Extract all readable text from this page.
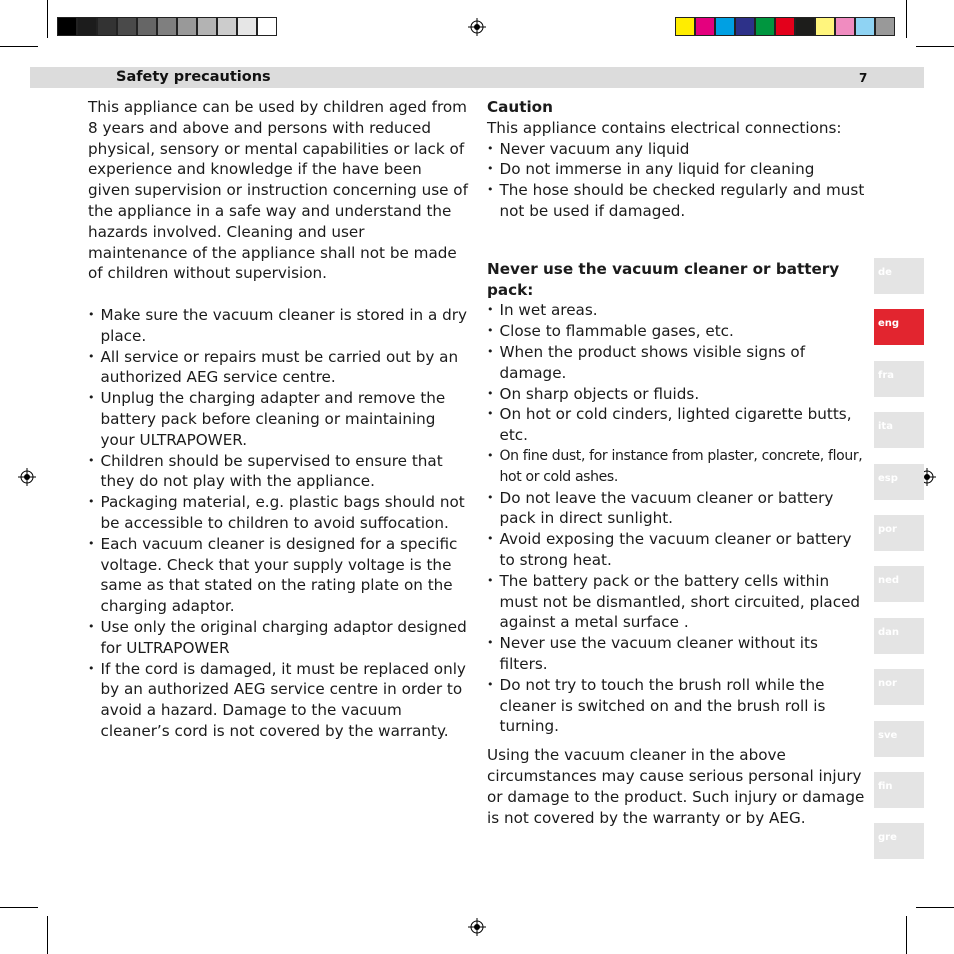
Safety precautions	7

This appliance can be used by children aged from 8 years and above and persons with reduced physical, sensory or mental capabilities or lack of experience and knowledge if the have been given supervision or instruction concerning use of the appliance in a safe way and understand the hazards involved. Cleaning and user maintenance of the appliance shall not be made of children without supervision.

• Make sure the vacuum cleaner is stored in a dry place.
• All service or repairs must be carried out by an authorized AEG service centre.
• Unplug the charging adapter and remove the battery pack before cleaning or maintaining your ULTRAPOWER.
• Children should be supervised to ensure that they do not play with the appliance.
• Packaging material, e.g. plastic bags should not be accessible to children to avoid suffocation.
• Each vacuum cleaner is designed for a specific voltage. Check that your supply voltage is the same as that stated on the rating plate on the charging adaptor.
• Use only the original charging adaptor designed for ULTRAPOWER
• If the cord is damaged, it must be replaced only by an authorized AEG service centre in order to avoid a hazard. Damage to the vacuum cleaner’s cord is not covered by the warranty.

Caution

This appliance contains electrical connections:

• Never vacuum any liquid
• Do not immerse in any liquid for cleaning
• The hose should be checked regularly and must not be used if damaged.

Never use the vacuum cleaner or battery pack:

• In wet areas.
• Close to flammable gases, etc.
• When the product shows visible signs of damage.
• On sharp objects or fluids.
• On hot or cold cinders, lighted cigarette butts, etc.
• On fine dust, for instance from plaster, concrete, flour, hot or cold ashes.
• Do not leave the vacuum cleaner or battery pack in direct sunlight.
• Avoid exposing the vacuum cleaner or battery to strong heat.
• The battery pack or the battery cells within must not be dismantled, short circuited, placed against a metal surface .
• Never use the vacuum cleaner without its filters.
• Do not try to touch the brush roll while the cleaner is switched on and the brush roll is turning.

Using the vacuum cleaner in the above circumstances may cause serious personal injury or damage to the product. Such injury or damage is not covered by the warranty or by AEG.

de
eng
fra
ita
esp
por
ned
dan
nor
sve
fin
gre
